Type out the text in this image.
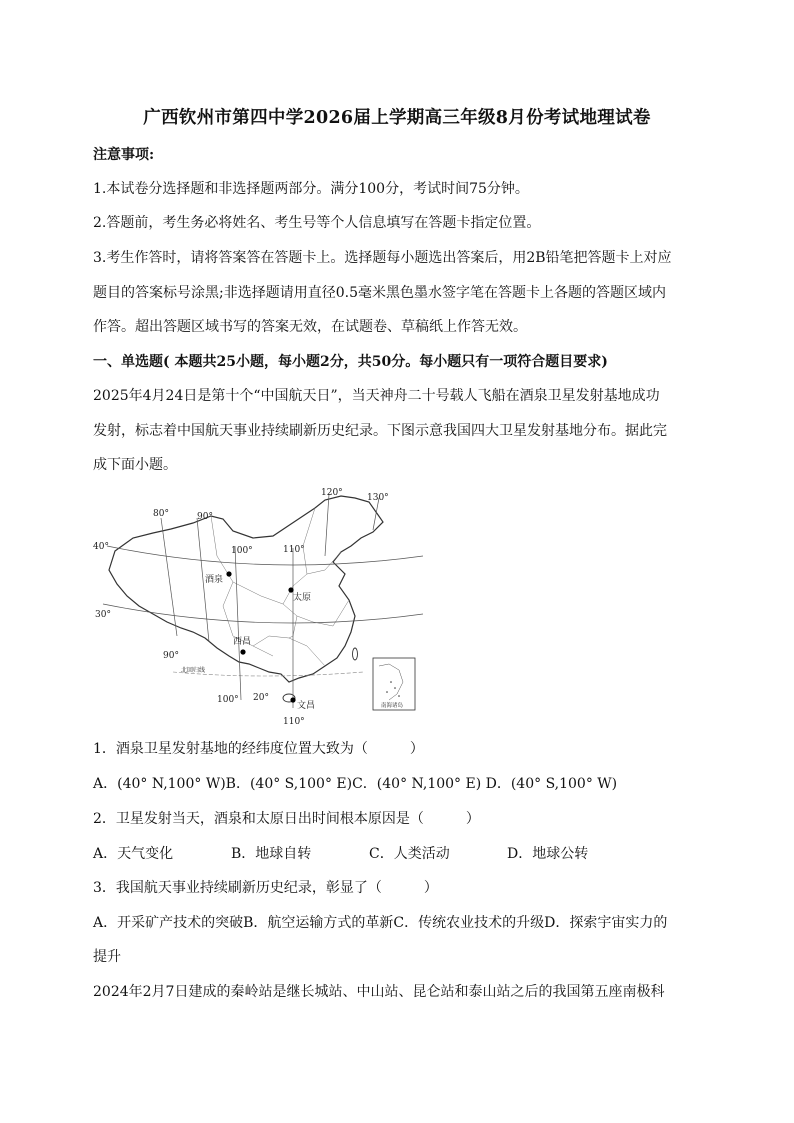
广西钦州市第四中学2026届上学期高三年级8月份考试地理试卷
注意事项:
1.本试卷分选择题和非选择题两部分。满分100分，考试时间75分钟。
2.答题前，考生务必将姓名、考生号等个人信息填写在答题卡指定位置。
3.考生作答时，请将答案答在答题卡上。选择题每小题选出答案后，用2B铅笔把答题卡上对应
题目的答案标号涂黑;非选择题请用直径0.5毫米黑色墨水签字笔在答题卡上各题的答题区域内
作答。超出答题区域书写的答案无效，在试题卷、草稿纸上作答无效。
一、单选题( 本题共25小题，每小题2分，共50分。每小题只有一项符合题目要求)
2025年4月24日是第十个“中国航天日”，当天神舟二十号载人飞船在酒泉卫星发射基地成功
发射，标志着中国航天事业持续刷新历史纪录。下图示意我国四大卫星发射基地分布。据此完
成下面小题。
80°	90°
100°	110°
120°	130°
90°
100°
110°
40°
30°
20°
酒泉
太原
西昌
文昌
北回归线
南海诸岛
1．酒泉卫星发射基地的经纬度位置大致为（　　　）
A．(40° N,100° W)B．(40° S,100° E)C．(40° N,100° E) D．(40° S,100° W)
2．卫星发射当天，酒泉和太原日出时间根本原因是（　　　）
A．天气变化	B．地球自转	C．人类活动	D．地球公转
3．我国航天事业持续刷新历史纪录，彰显了（　　　）
A．开采矿产技术的突破B．航空运输方式的革新C．传统农业技术的升级D．探索宇宙实力的
提升
2024年2月7日建成的秦岭站是继长城站、中山站、昆仑站和泰山站之后的我国第五座南极科
